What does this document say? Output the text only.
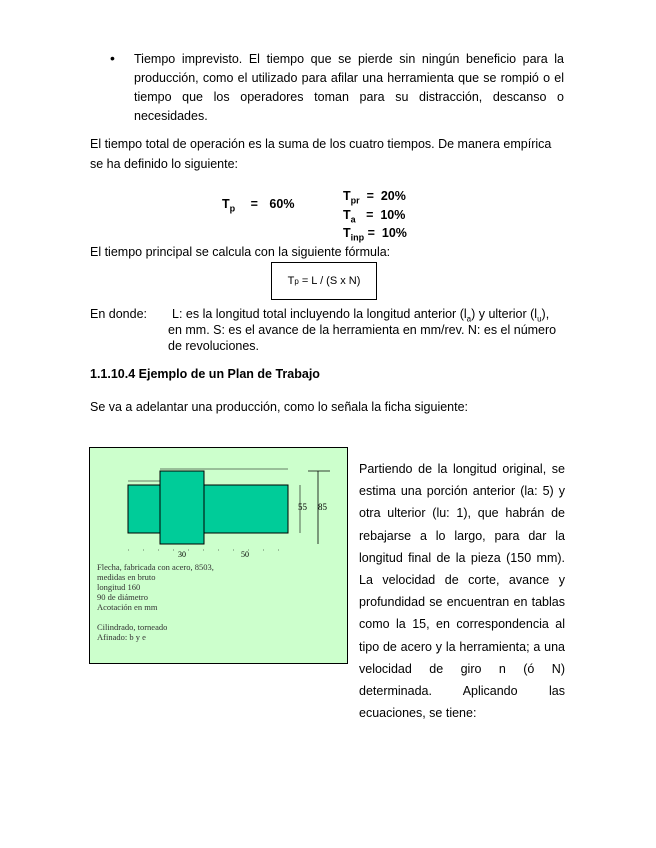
• Tiempo imprevisto. El tiempo que se pierde sin ningún beneficio para la producción, como el utilizado para afilar una herramienta que se rompió o el tiempo que los operadores toman para su distracción, descanso o necesidades.
El tiempo total de operación es la suma de los cuatro tiempos. De manera empírica se ha definido lo siguiente:
$T_p = 60\%$
$T_{pr} = 20\%$
$T_a = 10\%$
$T_{inp} = 10\%$
El tiempo principal se calcula con la siguiente fórmula:
T p
= L / (S x N)
En donde: L: es la longitud total incluyendo la longitud anterior $(l_a)$ y ulterior $(l_u)$,
en mm. S: es el avance de la herramienta en mm/rev. N: es el número
de revoluciones.
1.1.10.4 Ejemplo de un Plan de Trabajo
Se va a adelantar una producción, como lo señala la ficha siguiente:
55 85
30	50
Flecha, fabricada con acero, 8503,
medidas en bruto
longitud 160
90 de diámetro
Acotación en mm
Cilindrado, torneado
Afinado: b y e
Partiendo de la longitud original, se estima una porción anterior (la: 5) y otra ulterior (lu: 1), que habrán de rebajarse a lo largo, para dar la longitud final de la pieza (150 mm). La velocidad de corte, avance y profundidad se encuentran en tablas como la 15, en correspondencia al tipo de acero y la herramienta; a una velocidad de giro n (ó N) determinada. Aplicando las ecuaciones, se tiene:
